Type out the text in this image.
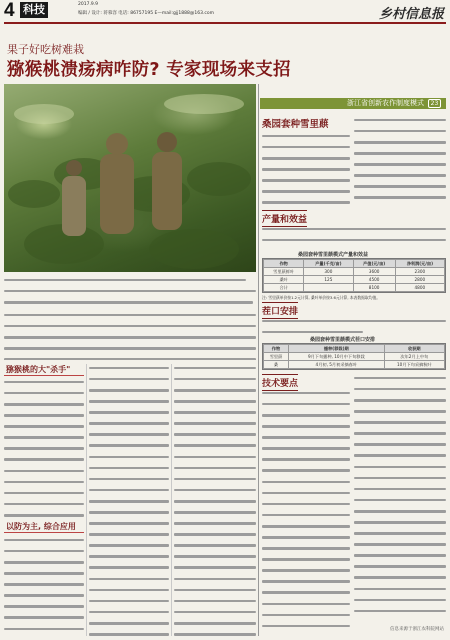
4 科技	2017.9.9
编辑 / 设计: 蒋慕容 电话: 86757195 E—mail:gjj1888@163.com	乡村信息报
果子好吃树难栽
猕猴桃溃疡病咋防? 专家现场来支招
猕猴桃的大"杀手"
以防为主, 综合应用
浙江省创新农作制度模式	23
桑园套种雪里蕻
产量和效益
桑园套种雪里蕻模式产量和效益
作物	产量(千克/亩)	产值(元/亩)	净利润(元/亩)
雪里蕻鲜叶	300	3600	2300
桑叶	125	4500	2800
合计		8100	4800
注: 雪里蕻单价按1.2元计算, 桑叶单价按3.6元计算, 本表数据取均值。
茬口安排
桑园套种雪里蕻模式茬口安排
作物	播种(移栽)期	收获期
雪里蕻	9月下旬播种, 10月中下旬移栽	次年2月上中旬
桑	4月初, 5月初采摘春叶	10月下旬采摘秋叶
技术要点
信息来源于浙江农科院网站
